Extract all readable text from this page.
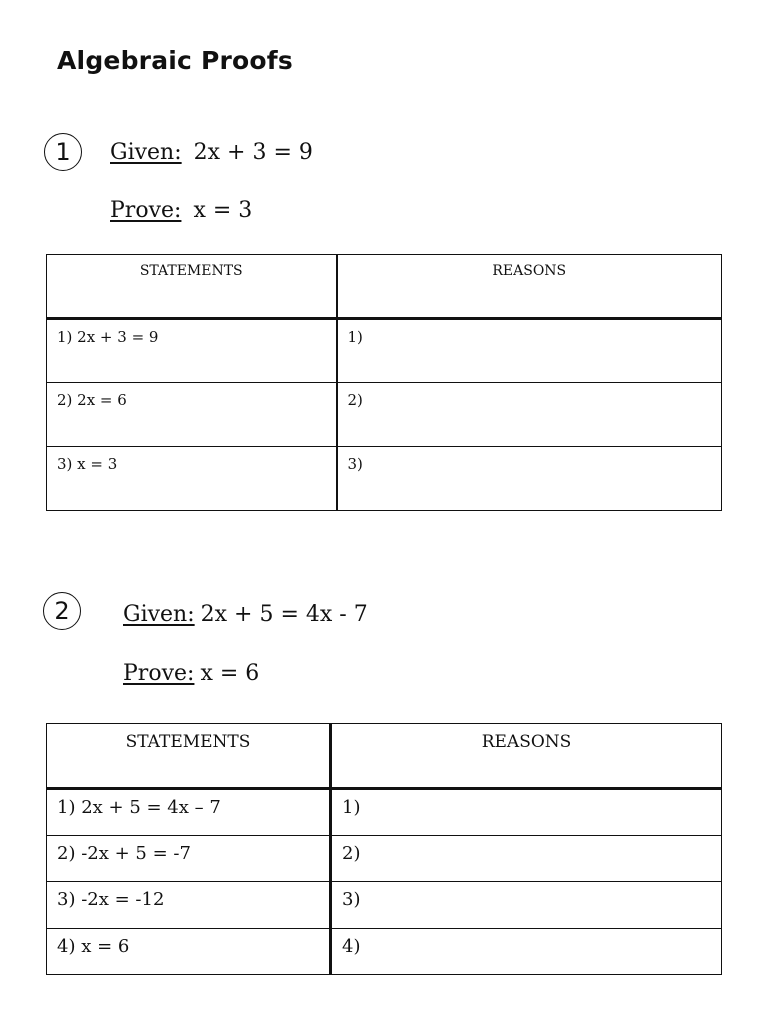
Algebraic Proofs
1 Given: 2x + 3 = 9
Prove: x = 3
STATEMENTS	REASONS
1) 2x + 3 = 9	1)
2) 2x = 6	2)
3) x = 3	3)
2 Given: 2x + 5 = 4x - 7
Prove: x = 6
STATEMENTS	REASONS
1) 2x + 5 = 4x – 7	1)
2) -2x + 5 = -7	2)
3) -2x = -12	3)
4) x = 6	4)
